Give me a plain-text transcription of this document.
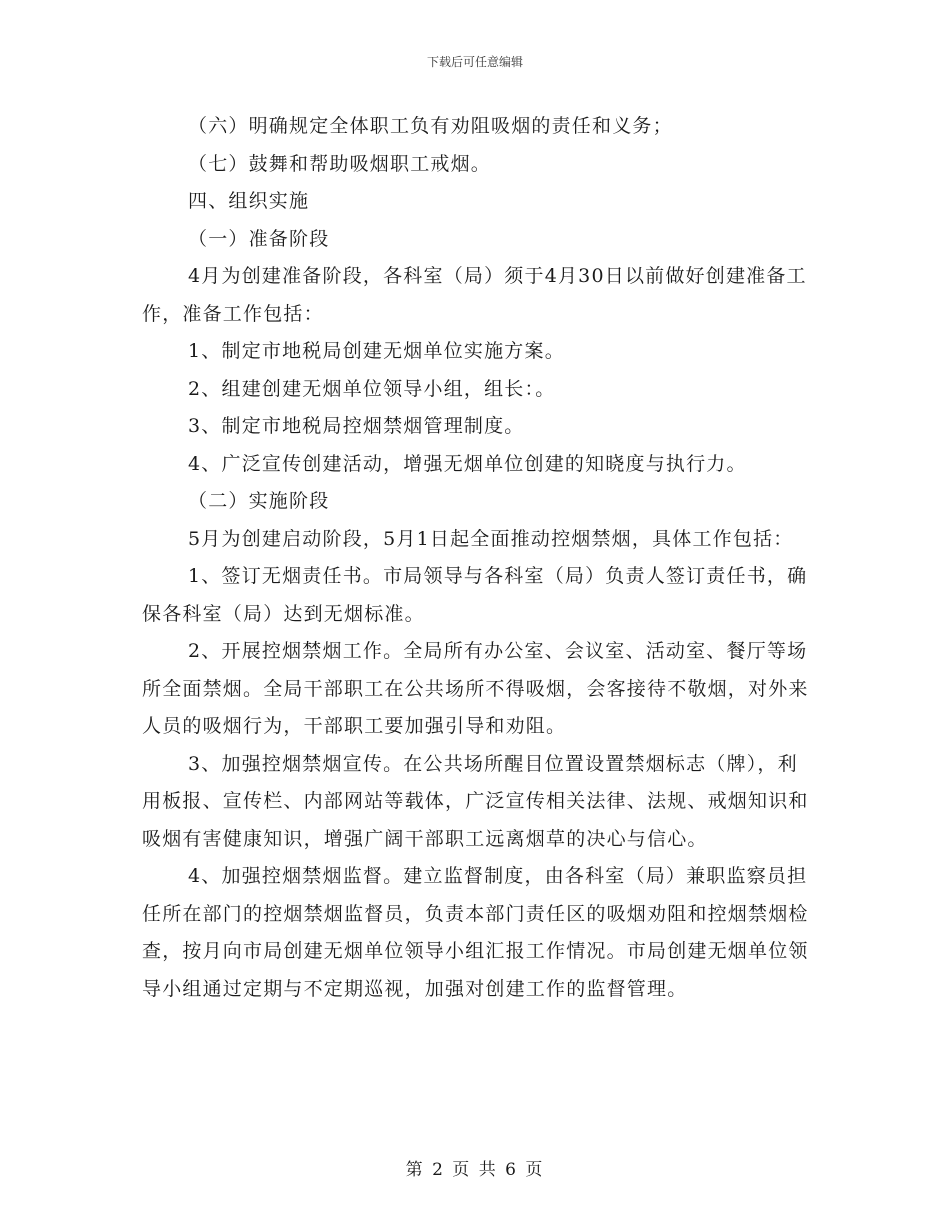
下载后可任意编辑

（六）明确规定全体职工负有劝阻吸烟的责任和义务；

（七）鼓舞和帮助吸烟职工戒烟。

四、组织实施

（一）准备阶段

4月为创建准备阶段，各科室（局）须于4月30日以前做好创建准备工作，准备工作包括：

1、制定市地税局创建无烟单位实施方案。

2、组建创建无烟单位领导小组，组长：。

3、制定市地税局控烟禁烟管理制度。

4、广泛宣传创建活动，增强无烟单位创建的知晓度与执行力。

（二）实施阶段

5月为创建启动阶段，5月1日起全面推动控烟禁烟，具体工作包括：

1、签订无烟责任书。市局领导与各科室（局）负责人签订责任书，确保各科室（局）达到无烟标准。

2、开展控烟禁烟工作。全局所有办公室、会议室、活动室、餐厅等场所全面禁烟。全局干部职工在公共场所不得吸烟，会客接待不敬烟，对外来人员的吸烟行为，干部职工要加强引导和劝阻。

3、加强控烟禁烟宣传。在公共场所醒目位置设置禁烟标志（牌），利用板报、宣传栏、内部网站等载体，广泛宣传相关法律、法规、戒烟知识和吸烟有害健康知识，增强广阔干部职工远离烟草的决心与信心。

4、加强控烟禁烟监督。建立监督制度，由各科室（局）兼职监察员担任所在部门的控烟禁烟监督员，负责本部门责任区的吸烟劝阻和控烟禁烟检查，按月向市局创建无烟单位领导小组汇报工作情况。市局创建无烟单位领导小组通过定期与不定期巡视，加强对创建工作的监督管理。

第 2 页 共 6 页
